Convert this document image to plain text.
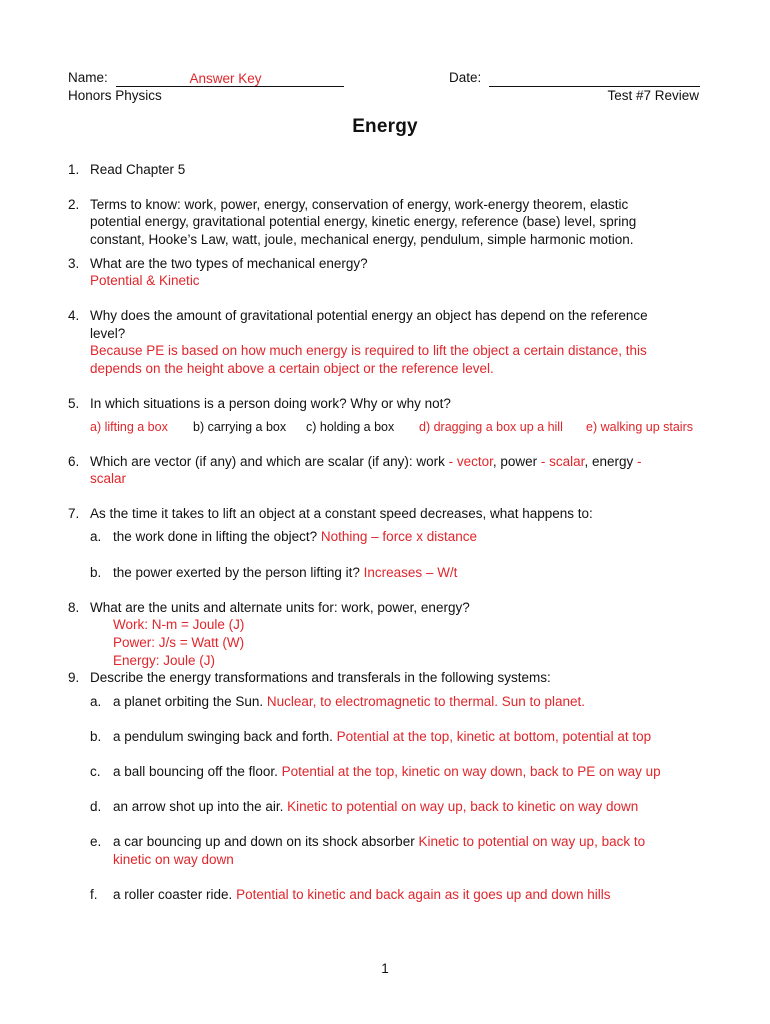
Name:	Answer Key	Date:
Honors Physics	Test #7 Review
Energy
1. Read Chapter 5
2. Terms to know: work, power, energy, conservation of energy, work-energy theorem, elastic
potential energy, gravitational potential energy, kinetic energy, reference (base) level, spring
constant, Hooke’s Law, watt, joule, mechanical energy, pendulum, simple harmonic motion.
3. What are the two types of mechanical energy?
Potential & Kinetic
4. Why does the amount of gravitational potential energy an object has depend on the reference
level?
Because PE is based on how much energy is required to lift the object a certain distance, this
depends on the height above a certain object or the reference level.
5. In which situations is a person doing work? Why or why not?
a) lifting a box b) carrying a box c) holding a box d) dragging a box up a hill e) walking up stairs
6. Which are vector (if any) and which are scalar (if any): work - vector, power - scalar, energy -
scalar
7. As the time it takes to lift an object at a constant speed decreases, what happens to:
a. the work done in lifting the object? Nothing – force x distance
b. the power exerted by the person lifting it? Increases – W/t
8. What are the units and alternate units for: work, power, energy?
Work: N-m = Joule (J)
Power: J/s = Watt (W)
Energy: Joule (J)
9. Describe the energy transformations and transferals in the following systems:
a. a planet orbiting the Sun. Nuclear, to electromagnetic to thermal. Sun to planet.
b. a pendulum swinging back and forth. Potential at the top, kinetic at bottom, potential at top
c. a ball bouncing off the floor. Potential at the top, kinetic on way down, back to PE on way up
d. an arrow shot up into the air. Kinetic to potential on way up, back to kinetic on way down
e. a car bouncing up and down on its shock absorber Kinetic to potential on way up, back to
kinetic on way down
f. a roller coaster ride. Potential to kinetic and back again as it goes up and down hills
1
